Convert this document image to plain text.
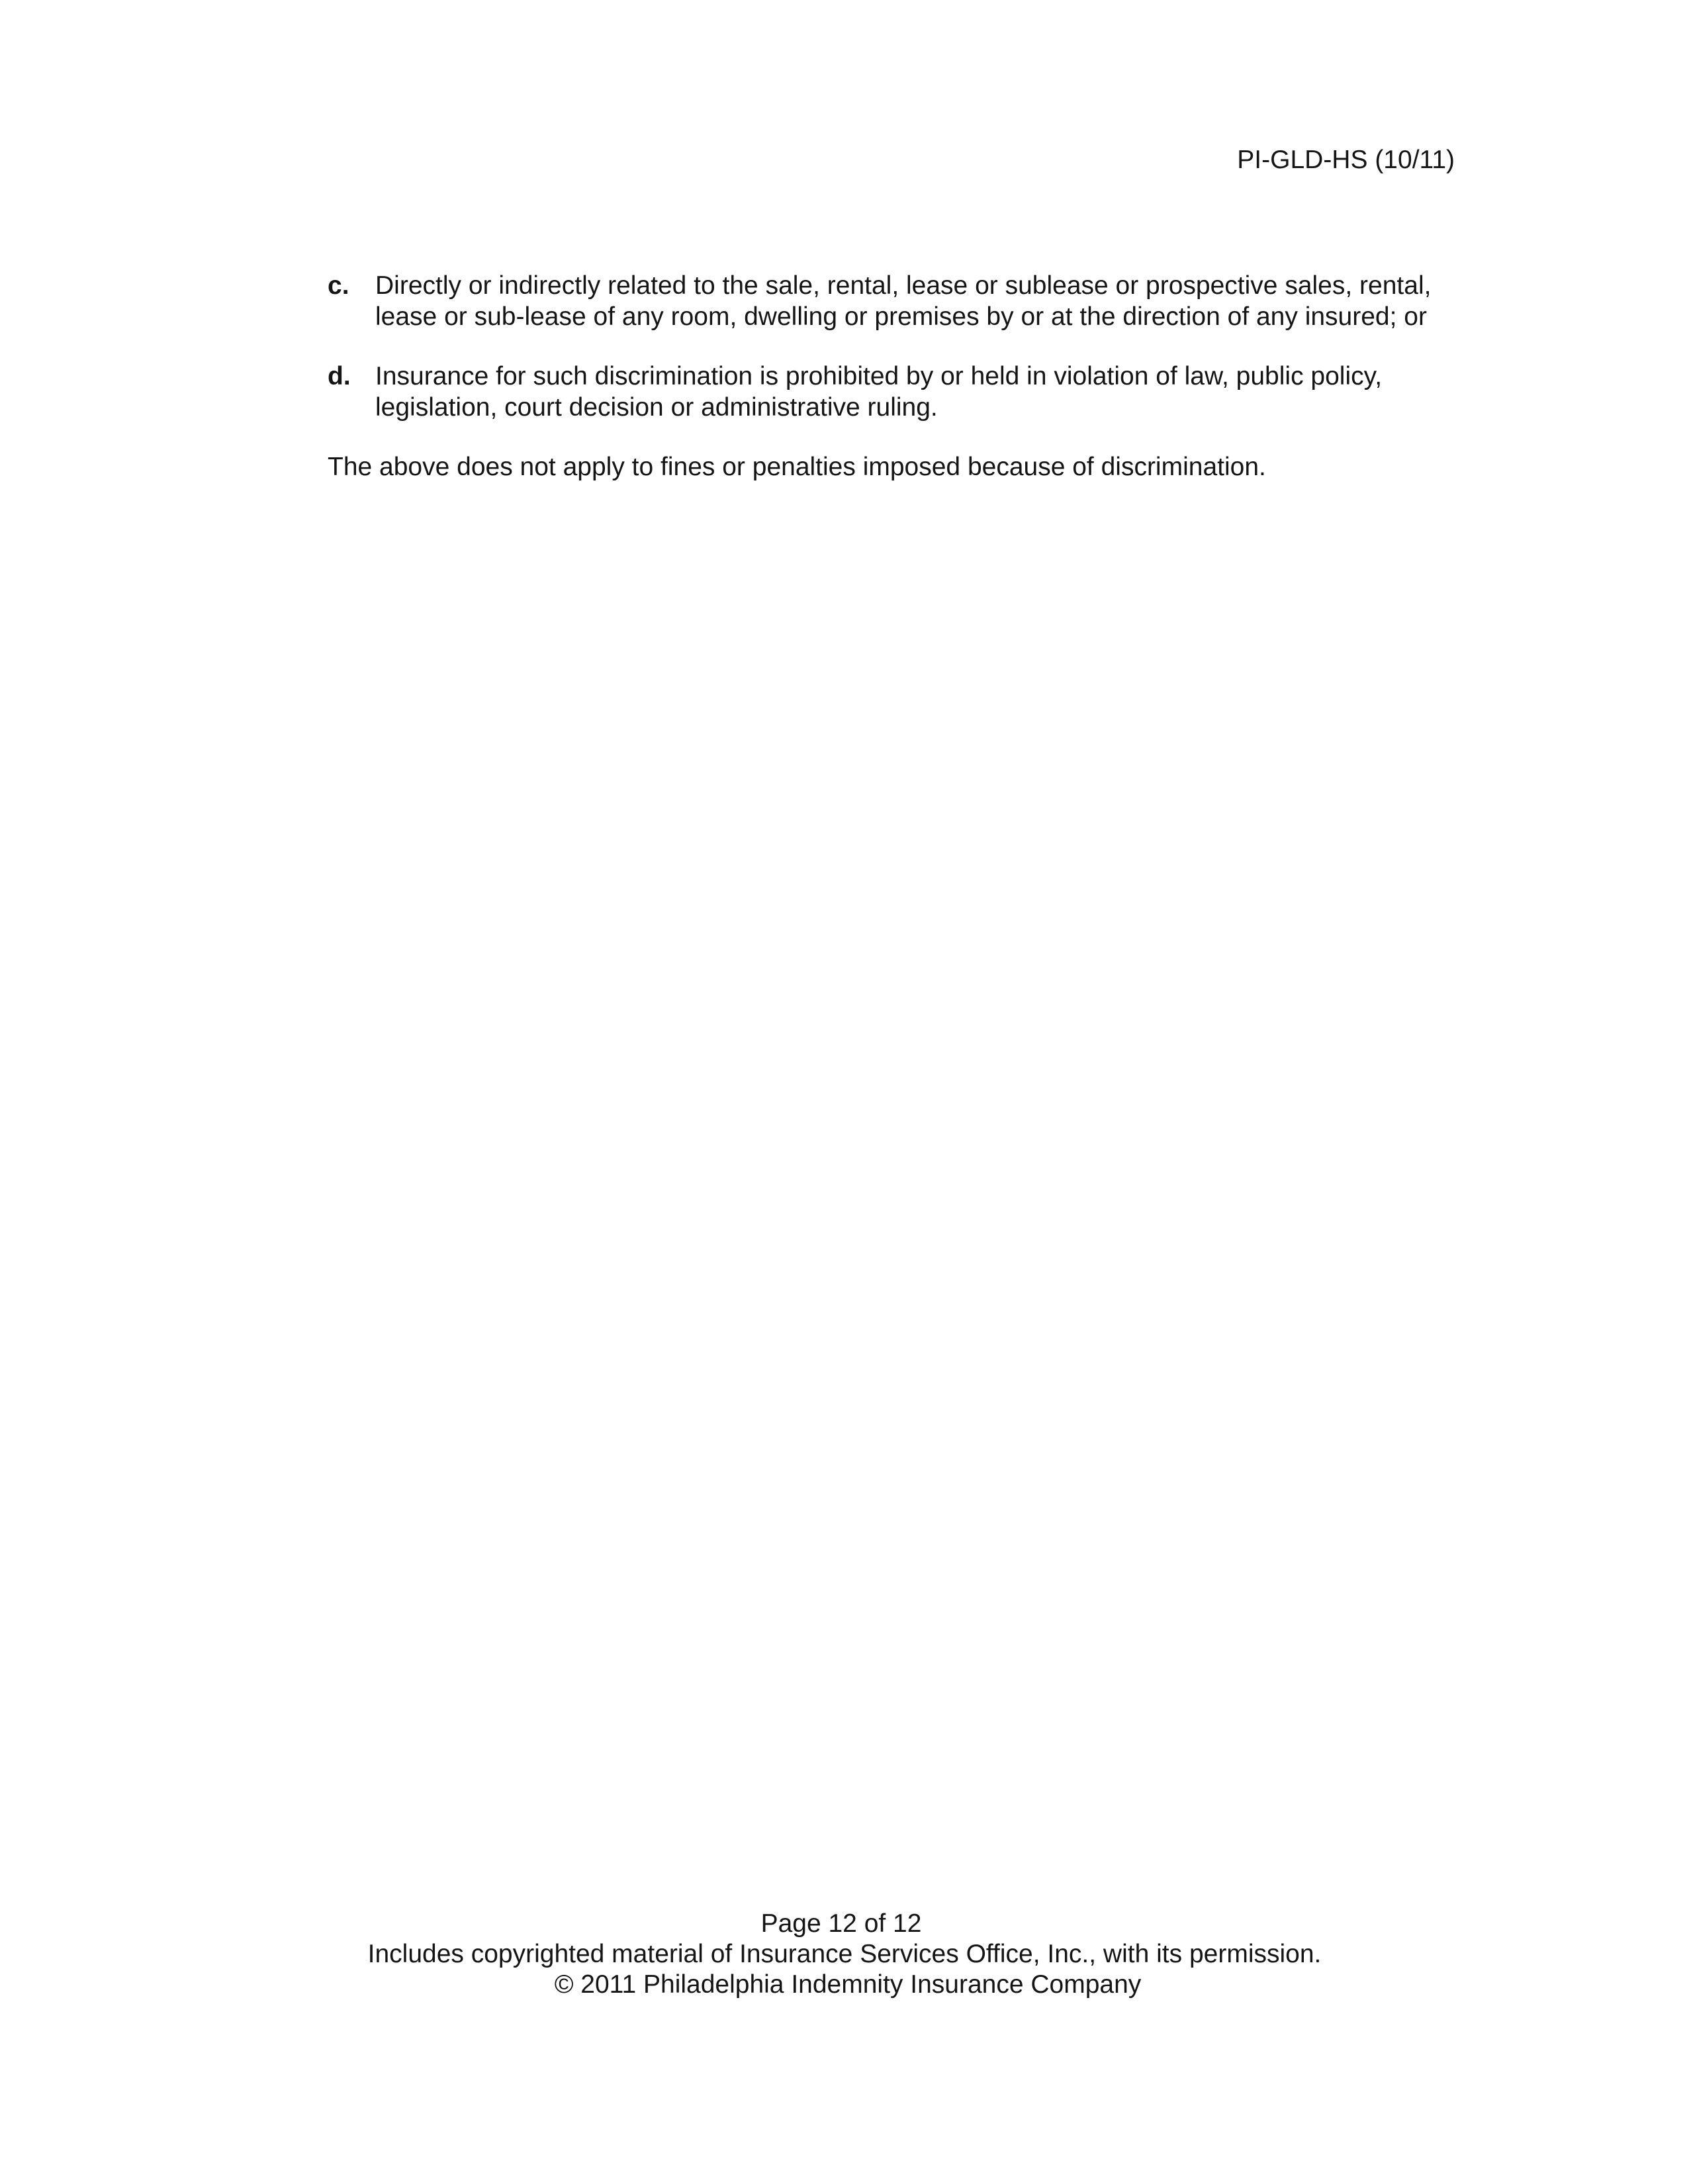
PI-GLD-HS (10/11)
c.	Directly or indirectly related to the sale, rental, lease or sublease or prospective sales, rental, lease or sub-lease of any room, dwelling or premises by or at the direction of any insured; or
d. Insurance for such discrimination is prohibited by or held in violation of law, public policy, legislation, court decision or administrative ruling.
The above does not apply to fines or penalties imposed because of discrimination.
Page 12 of 12
Includes copyrighted material of Insurance Services Office, Inc., with its permission.
© 2011 Philadelphia Indemnity Insurance Company
